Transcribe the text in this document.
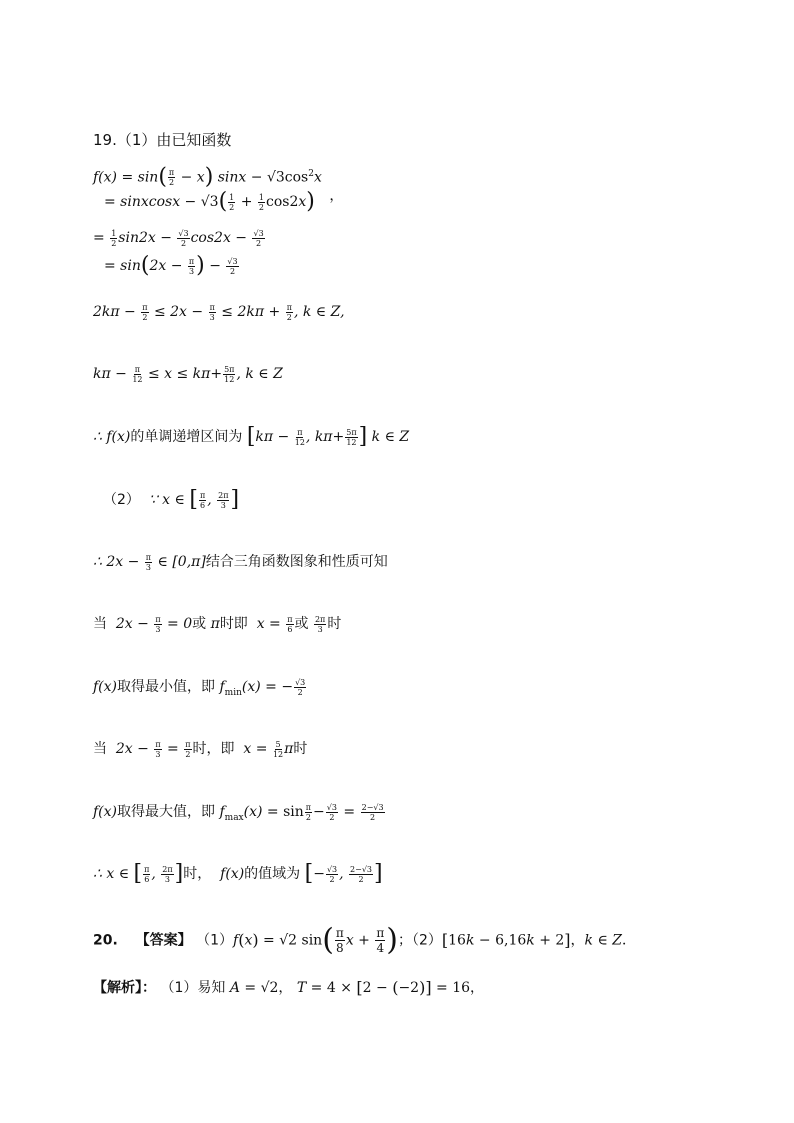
19.（1）由已知函数
$f(x) = \sin( \frac{\pi}{2} - x)$ $\sin x - √3\cos^2x$
= sinxcosx − $√3( \frac{1}{2} + \frac{1}{2} \cos 2x)$ ，
= $\frac{1}{2} \sin 2x - \frac{√3}{2} \cos 2x - \frac{√3}{2}$
= $\sin(2x - \frac{\pi}{3}$ ) − $\frac{√3}{2}$
$2k\pi - \frac{\pi}{2} \le 2x - \frac{\pi}{3} \le 2k\pi + \frac{\pi}{2}$ , k ∈ Z,
$k\pi - \frac{\pi}{12} \le x \le k\pi+ \frac{5\pi}{12}$ , k ∈ Z
∴ f(x)的单调递增区间为 [$k\pi - \frac{\pi}{12}$ , $k\pi+ \frac{5\pi}{12}$ ] k ∈ Z
（2）  ∵ x ∈ [ $\frac{\pi}{6}$ , $\frac{2\pi}{3}$ ]
∴ $2x - \frac{\pi}{3}$ ∈ [0,π]结合三角函数图象和性质可知
当  $2x - \frac{\pi}{3} = 0$或 π时即  $x = \frac{\pi}{6}$ 或 $\frac{2\pi}{3}$ 时
f(x)取得最小值，即 $f_{min}(x)$ = − $\frac{√3}{2}$
当  $2x - \frac{\pi}{3} = \frac{\pi}{2}$ 时，即  $x = \frac{5}{12}$ π时
f(x)取得最大值，即 $f_{max}(x) = \sin \frac{\pi}{2} - \frac{√3}{2} = \frac{2-√3}{2}$
∴ x ∈ [ $\frac{\pi}{6}$ , $\frac{2\pi}{3}$ ]时，  f(x)的值域为 [− $\frac{√3}{2}$ , $\frac{2-√3}{2}$ ]
20. 【答案】 （1）f(x) = √2 $\sin( \frac{\pi}{8}$ $x + \frac{\pi}{4}$ )；（2）[16k − 6,16k + 2]，k ∈ Z．
【解析】： （1）易知 A = √2， T = 4 × [2 − (−2)] = 16，
